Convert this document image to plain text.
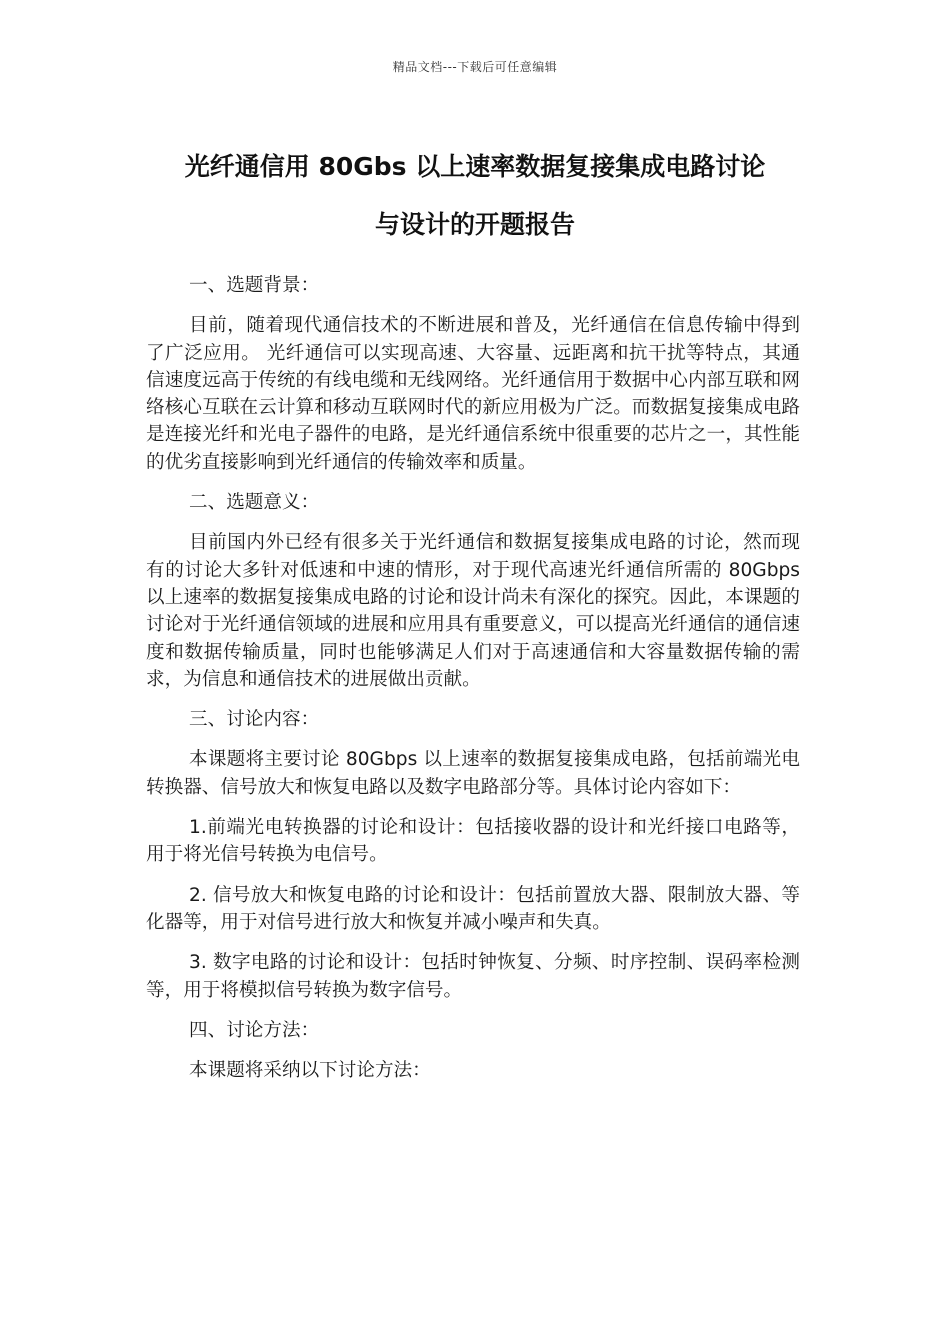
精品文档---下载后可任意编辑
光纤通信用 80Gbs 以上速率数据复接集成电路讨论
与设计的开题报告

一、选题背景：

目前，随着现代通信技术的不断进展和普及，光纤通信在信息传输中得到了广泛应用。 光纤通信可以实现高速、大容量、远距离和抗干扰等特点，其通信速度远高于传统的有线电缆和无线网络。光纤通信用于数据中心内部互联和网络核心互联在云计算和移动互联网时代的新应用极为广泛。而数据复接集成电路是连接光纤和光电子器件的电路，是光纤通信系统中很重要的芯片之一，其性能的优劣直接影响到光纤通信的传输效率和质量。

二、选题意义：

目前国内外已经有很多关于光纤通信和数据复接集成电路的讨论，然而现有的讨论大多针对低速和中速的情形，对于现代高速光纤通信所需的 80Gbps 以上速率的数据复接集成电路的讨论和设计尚未有深化的探究。因此，本课题的讨论对于光纤通信领域的进展和应用具有重要意义，可以提高光纤通信的通信速度和数据传输质量，同时也能够满足人们对于高速通信和大容量数据传输的需求，为信息和通信技术的进展做出贡献。

三、讨论内容：

本课题将主要讨论 80Gbps 以上速率的数据复接集成电路，包括前端光电转换器、信号放大和恢复电路以及数字电路部分等。具体讨论内容如下：

1.前端光电转换器的讨论和设计：包括接收器的设计和光纤接口电路等，用于将光信号转换为电信号。

2. 信号放大和恢复电路的讨论和设计：包括前置放大器、限制放大器、等化器等，用于对信号进行放大和恢复并减小噪声和失真。

3. 数字电路的讨论和设计：包括时钟恢复、分频、时序控制、误码率检测等，用于将模拟信号转换为数字信号。

四、讨论方法：

本课题将采纳以下讨论方法：
